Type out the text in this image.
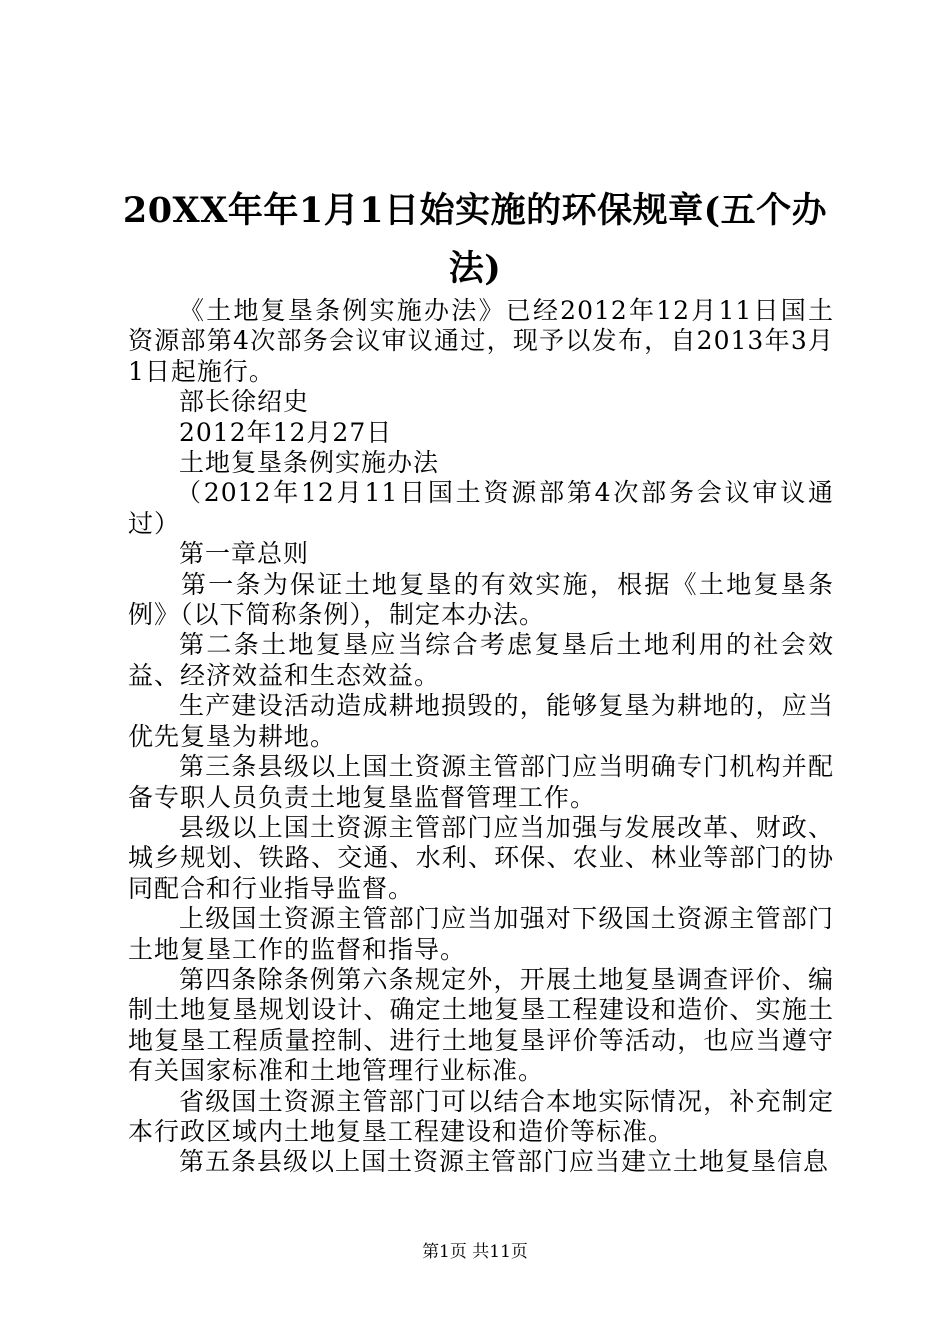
20XX年年1月1日始实施的环保规章(五个办法)

《土地复垦条例实施办法》已经2012年12月11日国土资源部第4次部务会议审议通过，现予以发布，自2013年3月1日起施行。

部长徐绍史

2012年12月27日

土地复垦条例实施办法

（2012年12月11日国土资源部第4次部务会议审议通过）

第一章总则

第一条为保证土地复垦的有效实施，根据《土地复垦条例》（以下简称条例），制定本办法。

第二条土地复垦应当综合考虑复垦后土地利用的社会效益、经济效益和生态效益。

生产建设活动造成耕地损毁的，能够复垦为耕地的，应当优先复垦为耕地。

第三条县级以上国土资源主管部门应当明确专门机构并配备专职人员负责土地复垦监督管理工作。

县级以上国土资源主管部门应当加强与发展改革、财政、城乡规划、铁路、交通、水利、环保、农业、林业等部门的协同配合和行业指导监督。

上级国土资源主管部门应当加强对下级国土资源主管部门土地复垦工作的监督和指导。

第四条除条例第六条规定外，开展土地复垦调查评价、编制土地复垦规划设计、确定土地复垦工程建设和造价、实施土地复垦工程质量控制、进行土地复垦评价等活动，也应当遵守有关国家标准和土地管理行业标准。

省级国土资源主管部门可以结合本地实际情况，补充制定本行政区域内土地复垦工程建设和造价等标准。

第五条县级以上国土资源主管部门应当建立土地复垦信息

第1页 共11页
